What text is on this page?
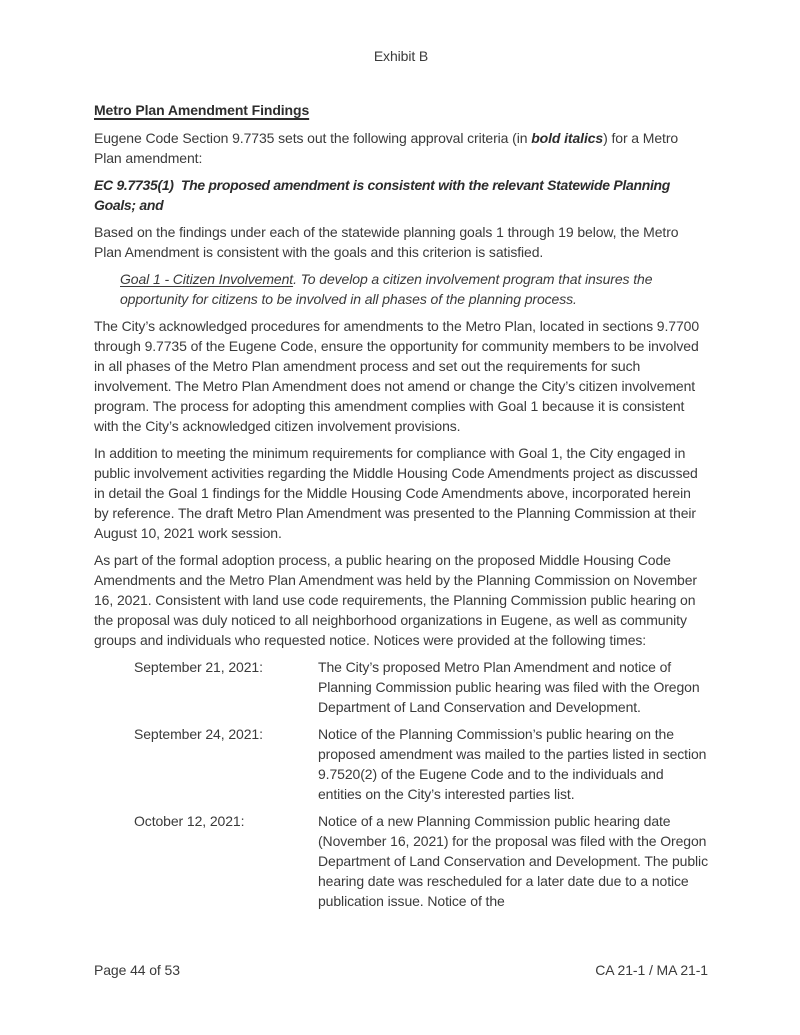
Exhibit B
Metro Plan Amendment Findings

Eugene Code Section 9.7735 sets out the following approval criteria (in bold italics) for a Metro Plan amendment:

EC 9.7735(1)  The proposed amendment is consistent with the relevant Statewide Planning Goals; and

Based on the findings under each of the statewide planning goals 1 through 19 below, the Metro Plan Amendment is consistent with the goals and this criterion is satisfied.

Goal 1 - Citizen Involvement. To develop a citizen involvement program that insures the opportunity for citizens to be involved in all phases of the planning process.

The City’s acknowledged procedures for amendments to the Metro Plan, located in sections 9.7700 through 9.7735 of the Eugene Code, ensure the opportunity for community members to be involved in all phases of the Metro Plan amendment process and set out the requirements for such involvement. The Metro Plan Amendment does not amend or change the City’s citizen involvement program. The process for adopting this amendment complies with Goal 1 because it is consistent with the City’s acknowledged citizen involvement provisions.

In addition to meeting the minimum requirements for compliance with Goal 1, the City engaged in public involvement activities regarding the Middle Housing Code Amendments project as discussed in detail the Goal 1 findings for the Middle Housing Code Amendments above, incorporated herein by reference. The draft Metro Plan Amendment was presented to the Planning Commission at their August 10, 2021 work session.

As part of the formal adoption process, a public hearing on the proposed Middle Housing Code Amendments and the Metro Plan Amendment was held by the Planning Commission on November 16, 2021. Consistent with land use code requirements, the Planning Commission public hearing on the proposal was duly noticed to all neighborhood organizations in Eugene, as well as community groups and individuals who requested notice. Notices were provided at the following times:

September 21, 2021:	The City’s proposed Metro Plan Amendment and notice of Planning Commission public hearing was filed with the Oregon Department of Land Conservation and Development.
September 24, 2021:	Notice of the Planning Commission’s public hearing on the proposed amendment was mailed to the parties listed in section 9.7520(2) of the Eugene Code and to the individuals and entities on the City’s interested parties list.
October 12, 2021:	Notice of a new Planning Commission public hearing date (November 16, 2021) for the proposal was filed with the Oregon Department of Land Conservation and Development. The public hearing date was rescheduled for a later date due to a notice publication issue. Notice of the
Page 44 of 53	CA 21-1 / MA 21-1
